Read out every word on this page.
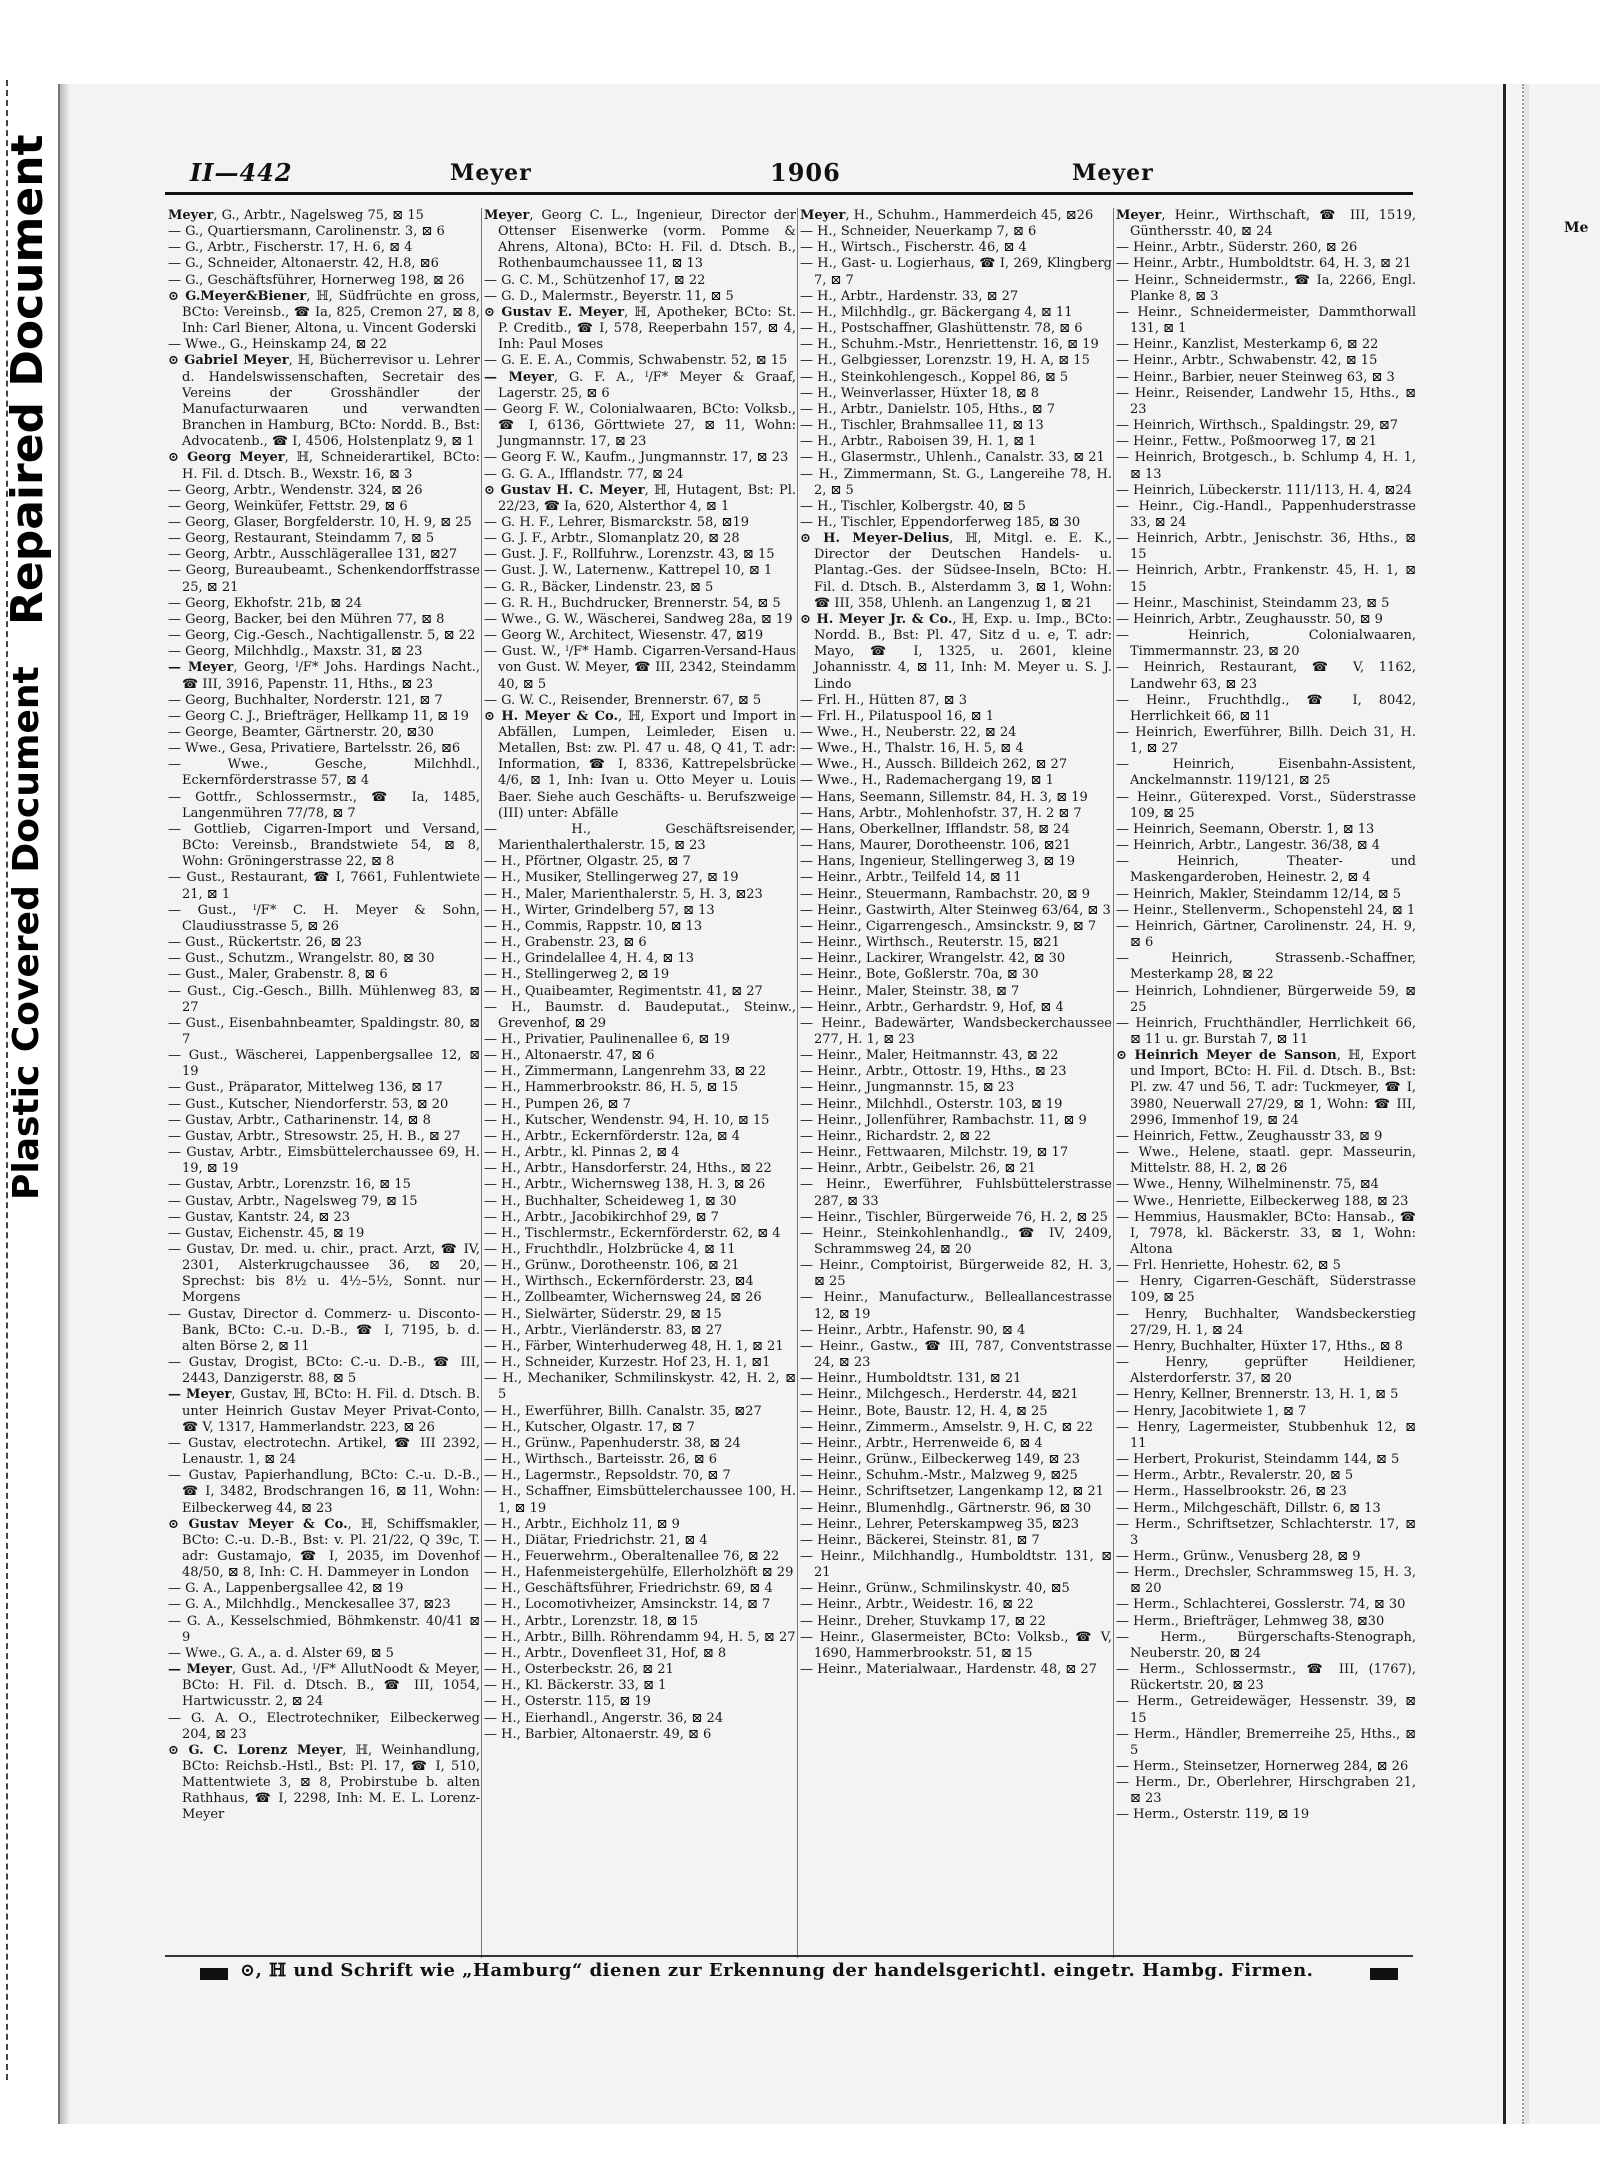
Repaired Document
Plastic Covered Document
Me
II—442	Meyer	1906	Meyer

Meyer, G., Arbtr., Nagelsweg 75, ⊠ 15

— G., Quartiersmann, Carolinenstr. 3, ⊠ 6

— G., Arbtr., Fischerstr. 17, H. 6, ⊠ 4

— G., Schneider, Altonaerstr. 42, H.8, ⊠6

— G., Geschäftsführer, Hornerweg 198, ⊠ 26

⊙ G.Meyer&Biener, ℍ, Südfrüchte en gross, BCto: Vereinsb., ☎ Ia, 825, Cremon 27, ⊠ 8, Inh: Carl Biener, Altona, u. Vincent Goderski

— Wwe., G., Heinskamp 24, ⊠ 22

⊙ Gabriel Meyer, ℍ, Bücherrevisor u. Lehrer d. Handelswissenschaften, Secretair des Vereins der Grosshändler der Manufacturwaaren und verwandten Branchen in Hamburg, BCto: Nordd. B., Bst: Advocatenb., ☎ I, 4506, Holstenplatz 9, ⊠ 1

⊙ Georg Meyer, ℍ, Schneiderartikel, BCto: H. Fil. d. Dtsch. B., Wexstr. 16, ⊠ 3

— Georg, Arbtr., Wendenstr. 324, ⊠ 26

— Georg, Weinküfer, Fettstr. 29, ⊠ 6

— Georg, Glaser, Borgfelderstr. 10, H. 9, ⊠ 25

— Georg, Restaurant, Steindamm 7, ⊠ 5

— Georg, Arbtr., Ausschlägerallee 131, ⊠27

— Georg, Bureaubeamt., Schenkendorffstrasse 25, ⊠ 21

— Georg, Ekhofstr. 21b, ⊠ 24

— Georg, Backer, bei den Mühren 77, ⊠ 8

— Georg, Cig.-Gesch., Nachtigallenstr. 5, ⊠ 22

— Georg, Milchhdlg., Maxstr. 31, ⊠ 23

— Meyer, Georg, ᴵ/F* Johs. Hardings Nacht., ☎ III, 3916, Papenstr. 11, Hths., ⊠ 23

— Georg, Buchhalter, Norderstr. 121, ⊠ 7

— Georg C. J., Briefträger, Hellkamp 11, ⊠ 19

— George, Beamter, Gärtnerstr. 20, ⊠30

— Wwe., Gesa, Privatiere, Bartelsstr. 26, ⊠6

— Wwe., Gesche, Milchhdl., Eckernförderstrasse 57, ⊠ 4

— Gottfr., Schlossermstr., ☎ Ia, 1485, Langenmühren 77/78, ⊠ 7

— Gottlieb, Cigarren-Import und Versand, BCto: Vereinsb., Brandstwiete 54, ⊠ 8, Wohn: Gröningerstrasse 22, ⊠ 8

— Gust., Restaurant, ☎ I, 7661, Fuhlentwiete 21, ⊠ 1

— Gust., ᴵ/F* C. H. Meyer & Sohn, Claudiusstrasse 5, ⊠ 26

— Gust., Rückertstr. 26, ⊠ 23

— Gust., Schutzm., Wrangelstr. 80, ⊠ 30

— Gust., Maler, Grabenstr. 8, ⊠ 6

— Gust., Cig.-Gesch., Billh. Mühlenweg 83, ⊠ 27

— Gust., Eisenbahnbeamter, Spaldingstr. 80, ⊠ 7

— Gust., Wäscherei, Lappenbergsallee 12, ⊠ 19

— Gust., Präparator, Mittelweg 136, ⊠ 17

— Gust., Kutscher, Niendorferstr. 53, ⊠ 20

— Gustav, Arbtr., Catharinenstr. 14, ⊠ 8

— Gustav, Arbtr., Stresowstr. 25, H. B., ⊠ 27

— Gustav, Arbtr., Eimsbüttelerchaussee 69, H. 19, ⊠ 19

— Gustav, Arbtr., Lorenzstr. 16, ⊠ 15

— Gustav, Arbtr., Nagelsweg 79, ⊠ 15

— Gustav, Kantstr. 24, ⊠ 23

— Gustav, Eichenstr. 45, ⊠ 19

— Gustav, Dr. med. u. chir., pract. Arzt, ☎ IV, 2301, Alsterkrugchaussee 36, ⊠ 20, Sprechst: bis 8½ u. 4½–5½, Sonnt. nur Morgens

— Gustav, Director d. Commerz- u. Disconto-Bank, BCto: C.-u. D.-B., ☎ I, 7195, b. d. alten Börse 2, ⊠ 11

— Gustav, Drogist, BCto: C.-u. D.-B., ☎ III, 2443, Danzigerstr. 88, ⊠ 5

— Meyer, Gustav, ℍ, BCto: H. Fil. d. Dtsch. B. unter Heinrich Gustav Meyer Privat-Conto, ☎ V, 1317, Hammerlandstr. 223, ⊠ 26

— Gustav, electrotechn. Artikel, ☎ III 2392, Lenaustr. 1, ⊠ 24

— Gustav, Papierhandlung, BCto: C.-u. D.-B., ☎ I, 3482, Brodschrangen 16, ⊠ 11, Wohn: Eilbeckerweg 44, ⊠ 23

⊙ Gustav Meyer & Co., ℍ, Schiffsmakler, BCto: C.-u. D.-B., Bst: v. Pl. 21/22, Q 39c, T. adr: Gustamajo, ☎ I, 2035, im Dovenhof 48/50, ⊠ 8, Inh: C. H. Dammeyer in London

— G. A., Lappenbergsallee 42, ⊠ 19

— G. A., Milchhdlg., Menckesallee 37, ⊠23

— G. A., Kesselschmied, Böhmkenstr. 40/41 ⊠ 9

— Wwe., G. A., a. d. Alster 69, ⊠ 5

— Meyer, Gust. Ad., ᴵ/F* AllutNoodt & Meyer, BCto: H. Fil. d. Dtsch. B., ☎ III, 1054, Hartwicusstr. 2, ⊠ 24

— G. A. O., Electrotechniker, Eilbeckerweg 204, ⊠ 23

⊙ G. C. Lorenz Meyer, ℍ, Weinhandlung, BCto: Reichsb.-Hstl., Bst: Pl. 17, ☎ I, 510, Mattentwiete 3, ⊠ 8, Probirstube b. alten Rathhaus, ☎ I, 2298, Inh: M. E. L. Lorenz-Meyer

Meyer, Georg C. L., Ingenieur, Director der Ottenser Eisenwerke (vorm. Pomme & Ahrens, Altona), BCto: H. Fil. d. Dtsch. B., Rothenbaumchaussee 11, ⊠ 13

— G. C. M., Schützenhof 17, ⊠ 22

— G. D., Malermstr., Beyerstr. 11, ⊠ 5

⊙ Gustav E. Meyer, ℍ, Apotheker, BCto: St. P. Creditb., ☎ I, 578, Reeperbahn 157, ⊠ 4, Inh: Paul Moses

— G. E. E. A., Commis, Schwabenstr. 52, ⊠ 15

— Meyer, G. F. A., ᴵ/F* Meyer & Graaf, Lagerstr. 25, ⊠ 6

— Georg F. W., Colonialwaaren, BCto: Volksb., ☎ I, 6136, Görttwiete 27, ⊠ 11, Wohn: Jungmannstr. 17, ⊠ 23

— Georg F. W., Kaufm., Jungmannstr. 17, ⊠ 23

— G. G. A., Ifflandstr. 77, ⊠ 24

⊙ Gustav H. C. Meyer, ℍ, Hutagent, Bst: Pl. 22/23, ☎ Ia, 620, Alsterthor 4, ⊠ 1

— G. H. F., Lehrer, Bismarckstr. 58, ⊠19

— G. J. F., Arbtr., Slomanplatz 20, ⊠ 28

— Gust. J. F., Rollfuhrw., Lorenzstr. 43, ⊠ 15

— Gust. J. W., Laternenw., Kattrepel 10, ⊠ 1

— G. R., Bäcker, Lindenstr. 23, ⊠ 5

— G. R. H., Buchdrucker, Brennerstr. 54, ⊠ 5

— Wwe., G. W., Wäscherei, Sandweg 28a, ⊠ 19

— Georg W., Architect, Wiesenstr. 47, ⊠19

— Gust. W., ᴵ/F* Hamb. Cigarren-Versand-Haus von Gust. W. Meyer, ☎ III, 2342, Steindamm 40, ⊠ 5

— G. W. C., Reisender, Brennerstr. 67, ⊠ 5

⊙ H. Meyer & Co., ℍ, Export und Import in Abfällen, Lumpen, Leimleder, Eisen u. Metallen, Bst: zw. Pl. 47 u. 48, Q 41, T. adr: Information, ☎ I, 8336, Kattrepelsbrücke 4/6, ⊠ 1, Inh: Ivan u. Otto Meyer u. Louis Baer. Siehe auch Geschäfts- u. Berufszweige (III) unter: Abfälle

— H., Geschäftsreisender, Marienthalerthalerstr. 15, ⊠ 23

— H., Pförtner, Olgastr. 25, ⊠ 7

— H., Musiker, Stellingerweg 27, ⊠ 19

— H., Maler, Marienthalerstr. 5, H. 3, ⊠23

— H., Wirter, Grindelberg 57, ⊠ 13

— H., Commis, Rappstr. 10, ⊠ 13

— H., Grabenstr. 23, ⊠ 6

— H., Grindelallee 4, H. 4, ⊠ 13

— H., Stellingerweg 2, ⊠ 19

— H., Quaibeamter, Regimentstr. 41, ⊠ 27

— H., Baumstr. d. Baudeputat., Steinw., Grevenhof, ⊠ 29

— H., Privatier, Paulinenallee 6, ⊠ 19

— H., Altonaerstr. 47, ⊠ 6

— H., Zimmermann, Langenrehm 33, ⊠ 22

— H., Hammerbrookstr. 86, H. 5, ⊠ 15

— H., Pumpen 26, ⊠ 7

— H., Kutscher, Wendenstr. 94, H. 10, ⊠ 15

— H., Arbtr., Eckernförderstr. 12a, ⊠ 4

— H., Arbtr., kl. Pinnas 2, ⊠ 4

— H., Arbtr., Hansdorferstr. 24, Hths., ⊠ 22

— H., Arbtr., Wichernsweg 138, H. 3, ⊠ 26

— H., Buchhalter, Scheideweg 1, ⊠ 30

— H., Arbtr., Jacobikirchhof 29, ⊠ 7

— H., Tischlermstr., Eckernförderstr. 62, ⊠ 4

— H., Fruchthdlr., Holzbrücke 4, ⊠ 11

— H., Grünw., Dorotheenstr. 106, ⊠ 21

— H., Wirthsch., Eckernförderstr. 23, ⊠4

— H., Zollbeamter, Wichernsweg 24, ⊠ 26

— H., Sielwärter, Süderstr. 29, ⊠ 15

— H., Arbtr., Vierländerstr. 83, ⊠ 27

— H., Färber, Winterhuderweg 48, H. 1, ⊠ 21

— H., Schneider, Kurzestr. Hof 23, H. 1, ⊠1

— H., Mechaniker, Schmilinskystr. 42, H. 2, ⊠ 5

— H., Ewerführer, Billh. Canalstr. 35, ⊠27

— H., Kutscher, Olgastr. 17, ⊠ 7

— H., Grünw., Papenhuderstr. 38, ⊠ 24

— H., Wirthsch., Barteisstr. 26, ⊠ 6

— H., Lagermstr., Repsoldstr. 70, ⊠ 7

— H., Schaffner, Eimsbüttelerchaussee 100, H. 1, ⊠ 19

— H., Arbtr., Eichholz 11, ⊠ 9

— H., Diätar, Friedrichstr. 21, ⊠ 4

— H., Feuerwehrm., Oberaltenallee 76, ⊠ 22

— H., Hafenmeistergehülfe, Ellerholzhöft ⊠ 29

— H., Geschäftsführer, Friedrichstr. 69, ⊠ 4

— H., Locomotivheizer, Amsinckstr. 14, ⊠ 7

— H., Arbtr., Lorenzstr. 18, ⊠ 15

— H., Arbtr., Billh. Röhrendamm 94, H. 5, ⊠ 27

— H., Arbtr., Dovenfleet 31, Hof, ⊠ 8

— H., Osterbeckstr. 26, ⊠ 21

— H., Kl. Bäckerstr. 33, ⊠ 1

— H., Osterstr. 115, ⊠ 19

— H., Eierhandl., Angerstr. 36, ⊠ 24

— H., Barbier, Altonaerstr. 49, ⊠ 6

Meyer, H., Schuhm., Hammerdeich 45, ⊠26

— H., Schneider, Neuerkamp 7, ⊠ 6

— H., Wirtsch., Fischerstr. 46, ⊠ 4

— H., Gast- u. Logierhaus, ☎ I, 269, Klingberg 7, ⊠ 7

— H., Arbtr., Hardenstr. 33, ⊠ 27

— H., Milchhdlg., gr. Bäckergang 4, ⊠ 11

— H., Postschaffner, Glashüttenstr. 78, ⊠ 6

— H., Schuhm.-Mstr., Henriettenstr. 16, ⊠ 19

— H., Gelbgiesser, Lorenzstr. 19, H. A, ⊠ 15

— H., Steinkohlengesch., Koppel 86, ⊠ 5

— H., Weinverlasser, Hüxter 18, ⊠ 8

— H., Arbtr., Danielstr. 105, Hths., ⊠ 7

— H., Tischler, Brahmsallee 11, ⊠ 13

— H., Arbtr., Raboisen 39, H. 1, ⊠ 1

— H., Glasermstr., Uhlenh., Canalstr. 33, ⊠ 21

— H., Zimmermann, St. G., Langereihe 78, H. 2, ⊠ 5

— H., Tischler, Kolbergstr. 40, ⊠ 5

— H., Tischler, Eppendorferweg 185, ⊠ 30

⊙ H. Meyer-Delius, ℍ, Mitgl. e. E. K., Director der Deutschen Handels- u. Plantag.-Ges. der Südsee-Inseln, BCto: H. Fil. d. Dtsch. B., Alsterdamm 3, ⊠ 1, Wohn: ☎ III, 358, Uhlenh. an Langenzug 1, ⊠ 21

⊙ H. Meyer Jr. & Co., ℍ, Exp. u. Imp., BCto: Nordd. B., Bst: Pl. 47, Sitz d u. e, T. adr: Mayo, ☎ I, 1325, u. 2601, kleine Johannisstr. 4, ⊠ 11, Inh: M. Meyer u. S. J. Lindo

— Frl. H., Hütten 87, ⊠ 3

— Frl. H., Pilatuspool 16, ⊠ 1

— Wwe., H., Neuberstr. 22, ⊠ 24

— Wwe., H., Thalstr. 16, H. 5, ⊠ 4

— Wwe., H., Aussch. Billdeich 262, ⊠ 27

— Wwe., H., Rademachergang 19, ⊠ 1

— Hans, Seemann, Sillemstr. 84, H. 3, ⊠ 19

— Hans, Arbtr., Mohlenhofstr. 37, H. 2 ⊠ 7

— Hans, Oberkellner, Ifflandstr. 58, ⊠ 24

— Hans, Maurer, Dorotheenstr. 106, ⊠21

— Hans, Ingenieur, Stellingerweg 3, ⊠ 19

— Heinr., Arbtr., Teilfeld 14, ⊠ 11

— Heinr., Steuermann, Rambachstr. 20, ⊠ 9

— Heinr., Gastwirth, Alter Steinweg 63/64, ⊠ 3

— Heinr., Cigarrengesch., Amsinckstr. 9, ⊠ 7

— Heinr., Wirthsch., Reuterstr. 15, ⊠21

— Heinr., Lackirer, Wrangelstr. 42, ⊠ 30

— Heinr., Bote, Goßlerstr. 70a, ⊠ 30

— Heinr., Maler, Steinstr. 38, ⊠ 7

— Heinr., Arbtr., Gerhardstr. 9, Hof, ⊠ 4

— Heinr., Badewärter, Wandsbeckerchaussee 277, H. 1, ⊠ 23

— Heinr., Maler, Heitmannstr. 43, ⊠ 22

— Heinr., Arbtr., Ottostr. 19, Hths., ⊠ 23

— Heinr., Jungmannstr. 15, ⊠ 23

— Heinr., Milchhdl., Osterstr. 103, ⊠ 19

— Heinr., Jollenführer, Rambachstr. 11, ⊠ 9

— Heinr., Richardstr. 2, ⊠ 22

— Heinr., Fettwaaren, Milchstr. 19, ⊠ 17

— Heinr., Arbtr., Geibelstr. 26, ⊠ 21

— Heinr., Ewerführer, Fuhlsbüttelerstrasse 287, ⊠ 33

— Heinr., Tischler, Bürgerweide 76, H. 2, ⊠ 25

— Heinr., Steinkohlenhandlg., ☎ IV, 2409, Schrammsweg 24, ⊠ 20

— Heinr., Comptoirist, Bürgerweide 82, H. 3, ⊠ 25

— Heinr., Manufacturw., Belleallancestrasse 12, ⊠ 19

— Heinr., Arbtr., Hafenstr. 90, ⊠ 4

— Heinr., Gastw., ☎ III, 787, Conventstrasse 24, ⊠ 23

— Heinr., Humboldtstr. 131, ⊠ 21

— Heinr., Milchgesch., Herderstr. 44, ⊠21

— Heinr., Bote, Baustr. 12, H. 4, ⊠ 25

— Heinr., Zimmerm., Amselstr. 9, H. C, ⊠ 22

— Heinr., Arbtr., Herrenweide 6, ⊠ 4

— Heinr., Grünw., Eilbeckerweg 149, ⊠ 23

— Heinr., Schuhm.-Mstr., Malzweg 9, ⊠25

— Heinr., Schriftsetzer, Langenkamp 12, ⊠ 21

— Heinr., Blumenhdlg., Gärtnerstr. 96, ⊠ 30

— Heinr., Lehrer, Peterskampweg 35, ⊠23

— Heinr., Bäckerei, Steinstr. 81, ⊠ 7

— Heinr., Milchhandlg., Humboldtstr. 131, ⊠ 21

— Heinr., Grünw., Schmilinskystr. 40, ⊠5

— Heinr., Arbtr., Weidestr. 16, ⊠ 22

— Heinr., Dreher, Stuvkamp 17, ⊠ 22

— Heinr., Glasermeister, BCto: Volksb., ☎ V, 1690, Hammerbrookstr. 51, ⊠ 15

— Heinr., Materialwaar., Hardenstr. 48, ⊠ 27

Meyer, Heinr., Wirthschaft, ☎ III, 1519, Günthersstr. 40, ⊠ 24

— Heinr., Arbtr., Süderstr. 260, ⊠ 26

— Heinr., Arbtr., Humboldtstr. 64, H. 3, ⊠ 21

— Heinr., Schneidermstr., ☎ Ia, 2266, Engl. Planke 8, ⊠ 3

— Heinr., Schneidermeister, Dammthorwall 131, ⊠ 1

— Heinr., Kanzlist, Mesterkamp 6, ⊠ 22

— Heinr., Arbtr., Schwabenstr. 42, ⊠ 15

— Heinr., Barbier, neuer Steinweg 63, ⊠ 3

— Heinr., Reisender, Landwehr 15, Hths., ⊠ 23

— Heinrich, Wirthsch., Spaldingstr. 29, ⊠7

— Heinr., Fettw., Poßmoorweg 17, ⊠ 21

— Heinrich, Brotgesch., b. Schlump 4, H. 1, ⊠ 13

— Heinrich, Lübeckerstr. 111/113, H. 4, ⊠24

— Heinr., Cig.-Handl., Pappenhuderstrasse 33, ⊠ 24

— Heinrich, Arbtr., Jenischstr. 36, Hths., ⊠ 15

— Heinrich, Arbtr., Frankenstr. 45, H. 1, ⊠ 15

— Heinr., Maschinist, Steindamm 23, ⊠ 5

— Heinrich, Arbtr., Zeughausstr. 50, ⊠ 9

— Heinrich, Colonialwaaren, Timmermannstr. 23, ⊠ 20

— Heinrich, Restaurant, ☎ V, 1162, Landwehr 63, ⊠ 23

— Heinr., Fruchthdlg., ☎ I, 8042, Herrlichkeit 66, ⊠ 11

— Heinrich, Ewerführer, Billh. Deich 31, H. 1, ⊠ 27

— Heinrich, Eisenbahn-Assistent, Anckelmannstr. 119/121, ⊠ 25

— Heinr., Güterexped. Vorst., Süderstrasse 109, ⊠ 25

— Heinrich, Seemann, Oberstr. 1, ⊠ 13

— Heinrich, Arbtr., Langestr. 36/38, ⊠ 4

— Heinrich, Theater- und Maskengarderoben, Heinestr. 2, ⊠ 4

— Heinrich, Makler, Steindamm 12/14, ⊠ 5

— Heinr., Stellenverm., Schopenstehl 24, ⊠ 1

— Heinrich, Gärtner, Carolinenstr. 24, H. 9, ⊠ 6

— Heinrich, Strassenb.-Schaffner, Mesterkamp 28, ⊠ 22

— Heinrich, Lohndiener, Bürgerweide 59, ⊠ 25

— Heinrich, Fruchthändler, Herrlichkeit 66, ⊠ 11 u. gr. Burstah 7, ⊠ 11

⊙ Heinrich Meyer de Sanson, ℍ, Export und Import, BCto: H. Fil. d. Dtsch. B., Bst: Pl. zw. 47 und 56, T. adr: Tuckmeyer, ☎ I, 3980, Neuerwall 27/29, ⊠ 1, Wohn: ☎ III, 2996, Immenhof 19, ⊠ 24

— Heinrich, Fettw., Zeughausstr 33, ⊠ 9

— Wwe., Helene, staatl. gepr. Masseurin, Mittelstr. 88, H. 2, ⊠ 26

— Wwe., Henny, Wilhelminenstr. 75, ⊠4

— Wwe., Henriette, Eilbeckerweg 188, ⊠ 23

— Hemmius, Hausmakler, BCto: Hansab., ☎ I, 7978, kl. Bäckerstr. 33, ⊠ 1, Wohn: Altona

— Frl. Henriette, Hohestr. 62, ⊠ 5

— Henry, Cigarren-Geschäft, Süderstrasse 109, ⊠ 25

— Henry, Buchhalter, Wandsbeckerstieg 27/29, H. 1, ⊠ 24

— Henry, Buchhalter, Hüxter 17, Hths., ⊠ 8

— Henry, geprüfter Heildiener, Alsterdorferstr. 37, ⊠ 20

— Henry, Kellner, Brennerstr. 13, H. 1, ⊠ 5

— Henry, Jacobitwiete 1, ⊠ 7

— Henry, Lagermeister, Stubbenhuk 12, ⊠ 11

— Herbert, Prokurist, Steindamm 144, ⊠ 5

— Herm., Arbtr., Revalerstr. 20, ⊠ 5

— Herm., Hasselbrookstr. 26, ⊠ 23

— Herm., Milchgeschäft, Dillstr. 6, ⊠ 13

— Herm., Schriftsetzer, Schlachterstr. 17, ⊠ 3

— Herm., Grünw., Venusberg 28, ⊠ 9

— Herm., Drechsler, Schrammsweg 15, H. 3, ⊠ 20

— Herm., Schlachterei, Gosslerstr. 74, ⊠ 30

— Herm., Briefträger, Lehmweg 38, ⊠30

— Herm., Bürgerschafts-Stenograph, Neuberstr. 20, ⊠ 24

— Herm., Schlossermstr., ☎ III, (1767), Rückertstr. 20, ⊠ 23

— Herm., Getreidewäger, Hessenstr. 39, ⊠ 15

— Herm., Händler, Bremerreihe 25, Hths., ⊠ 5

— Herm., Steinsetzer, Hornerweg 284, ⊠ 26

— Herm., Dr., Oberlehrer, Hirschgraben 21, ⊠ 23

— Herm., Osterstr. 119, ⊠ 19

⊙, ℍ und Schrift wie „Hamburg“ dienen zur Erkennung der handelsgerichtl. eingetr. Hambg. Firmen.
